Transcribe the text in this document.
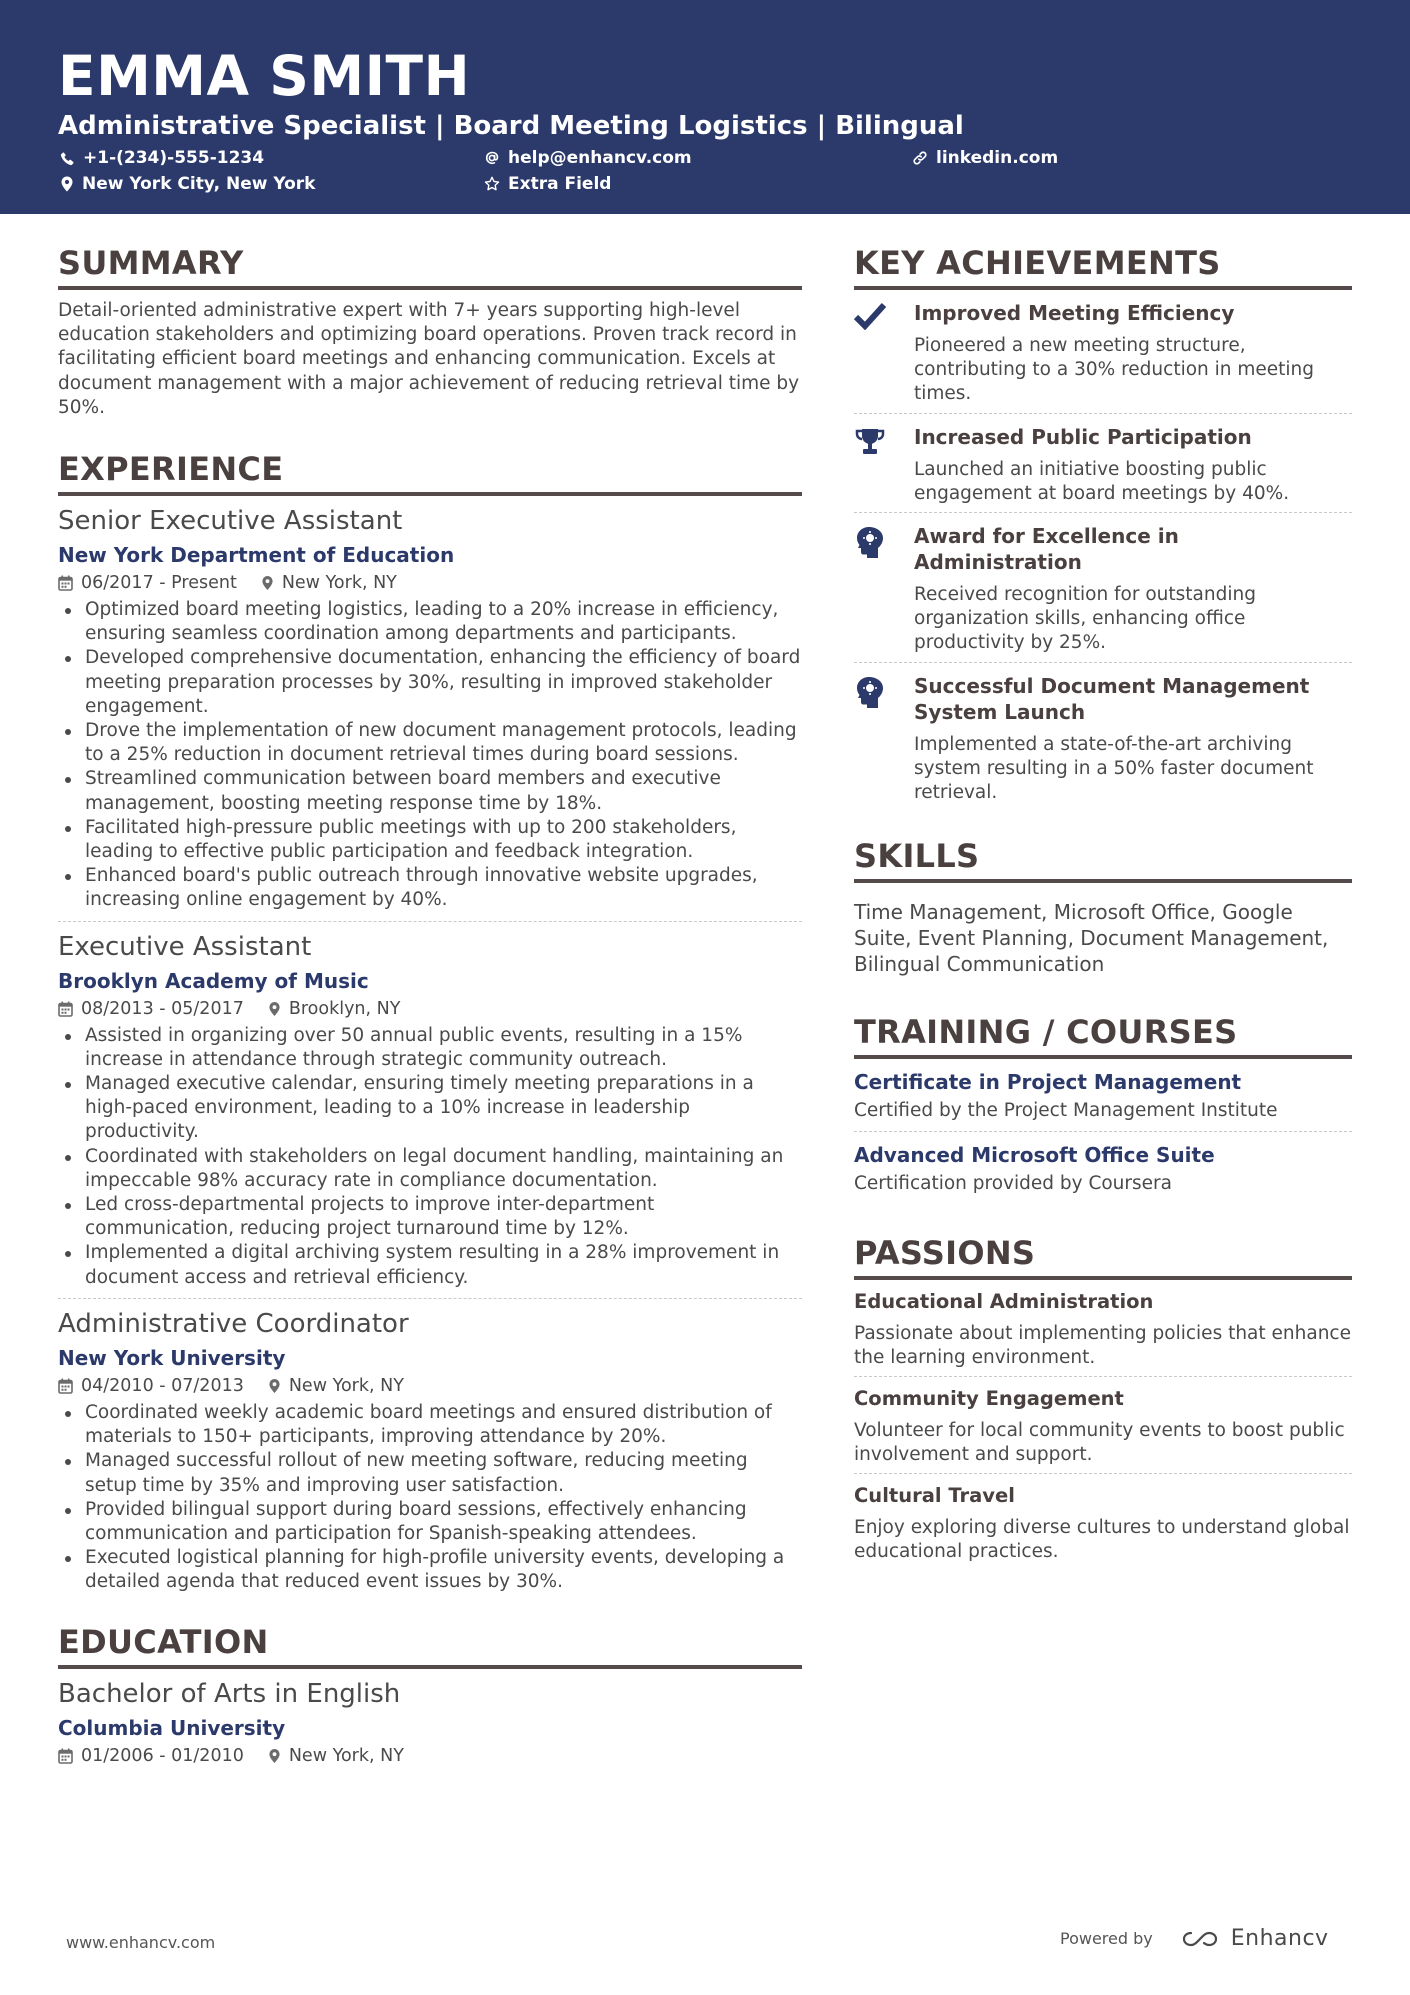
EMMA SMITH
Administrative Specialist | Board Meeting Logistics | Bilingual
+1-(234)-555-1234	help@enhancv.com	linkedin.com
New York City, New York	Extra Field
SUMMARY
Detail-oriented administrative expert with 7+ years supporting high-level education stakeholders and optimizing board operations. Proven track record in facilitating efficient board meetings and enhancing communication. Excels at document management with a major achievement of reducing retrieval time by 50%.
EXPERIENCE
Senior Executive Assistant
New York Department of Education
06/2017 - Present	New York, NY
Optimized board meeting logistics, leading to a 20% increase in efficiency, ensuring seamless coordination among departments and participants.
Developed comprehensive documentation, enhancing the efficiency of board meeting preparation processes by 30%, resulting in improved stakeholder engagement.
Drove the implementation of new document management protocols, leading to a 25% reduction in document retrieval times during board sessions.
Streamlined communication between board members and executive management, boosting meeting response time by 18%.
Facilitated high-pressure public meetings with up to 200 stakeholders, leading to effective public participation and feedback integration.
Enhanced board's public outreach through innovative website upgrades, increasing online engagement by 40%.
Executive Assistant
Brooklyn Academy of Music
08/2013 - 05/2017	Brooklyn, NY
Assisted in organizing over 50 annual public events, resulting in a 15% increase in attendance through strategic community outreach.
Managed executive calendar, ensuring timely meeting preparations in a high-paced environment, leading to a 10% increase in leadership productivity.
Coordinated with stakeholders on legal document handling, maintaining an impeccable 98% accuracy rate in compliance documentation.
Led cross-departmental projects to improve inter-department communication, reducing project turnaround time by 12%.
Implemented a digital archiving system resulting in a 28% improvement in document access and retrieval efficiency.
Administrative Coordinator
New York University
04/2010 - 07/2013	New York, NY
Coordinated weekly academic board meetings and ensured distribution of materials to 150+ participants, improving attendance by 20%.
Managed successful rollout of new meeting software, reducing meeting setup time by 35% and improving user satisfaction.
Provided bilingual support during board sessions, effectively enhancing communication and participation for Spanish-speaking attendees.
Executed logistical planning for high-profile university events, developing a detailed agenda that reduced event issues by 30%.
EDUCATION
Bachelor of Arts in English
Columbia University
01/2006 - 01/2010	New York, NY
KEY ACHIEVEMENTS
Improved Meeting Efficiency
Pioneered a new meeting structure, contributing to a 30% reduction in meeting times.
Increased Public Participation
Launched an initiative boosting public engagement at board meetings by 40%.
Award for Excellence in Administration
Received recognition for outstanding organization skills, enhancing office productivity by 25%.
Successful Document Management System Launch
Implemented a state-of-the-art archiving system resulting in a 50% faster document retrieval.
SKILLS
Time Management, Microsoft Office, Google Suite, Event Planning, Document Management, Bilingual Communication
TRAINING / COURSES
Certificate in Project Management
Certified by the Project Management Institute
Advanced Microsoft Office Suite
Certification provided by Coursera
PASSIONS
Educational Administration
Passionate about implementing policies that enhance the learning environment.
Community Engagement
Volunteer for local community events to boost public involvement and support.
Cultural Travel
Enjoy exploring diverse cultures to understand global educational practices.
www.enhancv.com	Powered by	Enhancv
